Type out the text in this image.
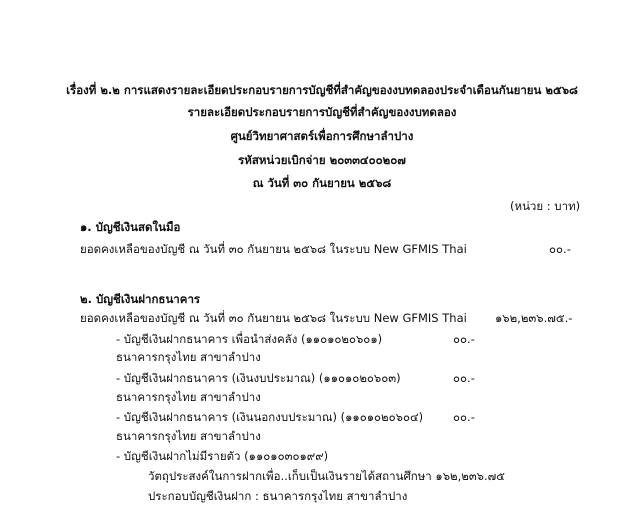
เรื่องที่ ๒.๒ การแสดงรายละเอียดประกอบรายการบัญชีที่สำคัญของงบทดลองประจำเดือนกันยายน ๒๕๖๘
รายละเอียดประกอบรายการบัญชีที่สำคัญของงบทดลอง
ศูนย์วิทยาศาสตร์เพื่อการศึกษาลำปาง
รหัสหน่วยเบิกจ่าย ๒๐๓๓๔๐๐๒๐๗
ณ วันที่ ๓๐ กันยายน ๒๕๖๘
(หน่วย : บาท)
๑. บัญชีเงินสดในมือ
ยอดคงเหลือของบัญชี ณ วันที่ ๓๐ กันยายน ๒๕๖๘ ในระบบ New GFMIS Thai	๐๐.-
๒. บัญชีเงินฝากธนาคาร
ยอดคงเหลือของบัญชี ณ วันที่ ๓๐ กันยายน ๒๕๖๘ ในระบบ New GFMIS Thai ๑๖๒,๒๓๖.๗๕.-
- บัญชีเงินฝากธนาคาร เพื่อนำส่งคลัง (๑๑๐๑๐๒๐๖๐๑)	๐๐.-
ธนาคารกรุงไทย สาขาลำปาง
- บัญชีเงินฝากธนาคาร (เงินงบประมาณ) (๑๑๐๑๐๒๐๖๐๓)	๐๐.-
ธนาคารกรุงไทย สาขาลำปาง
- บัญชีเงินฝากธนาคาร (เงินนอกงบประมาณ) (๑๑๐๑๐๒๐๖๐๔)	๐๐.-
ธนาคารกรุงไทย สาขาลำปาง
- บัญชีเงินฝากไม่มีรายตัว (๑๑๐๑๐๓๐๑๙๙)
วัตถุประสงค์ในการฝากเพื่อ..เก็บเป็นเงินรายได้สถานศึกษา ๑๖๒,๒๓๖.๗๕
ประกอบบัญชีเงินฝาก : ธนาคารกรุงไทย สาขาลำปาง
